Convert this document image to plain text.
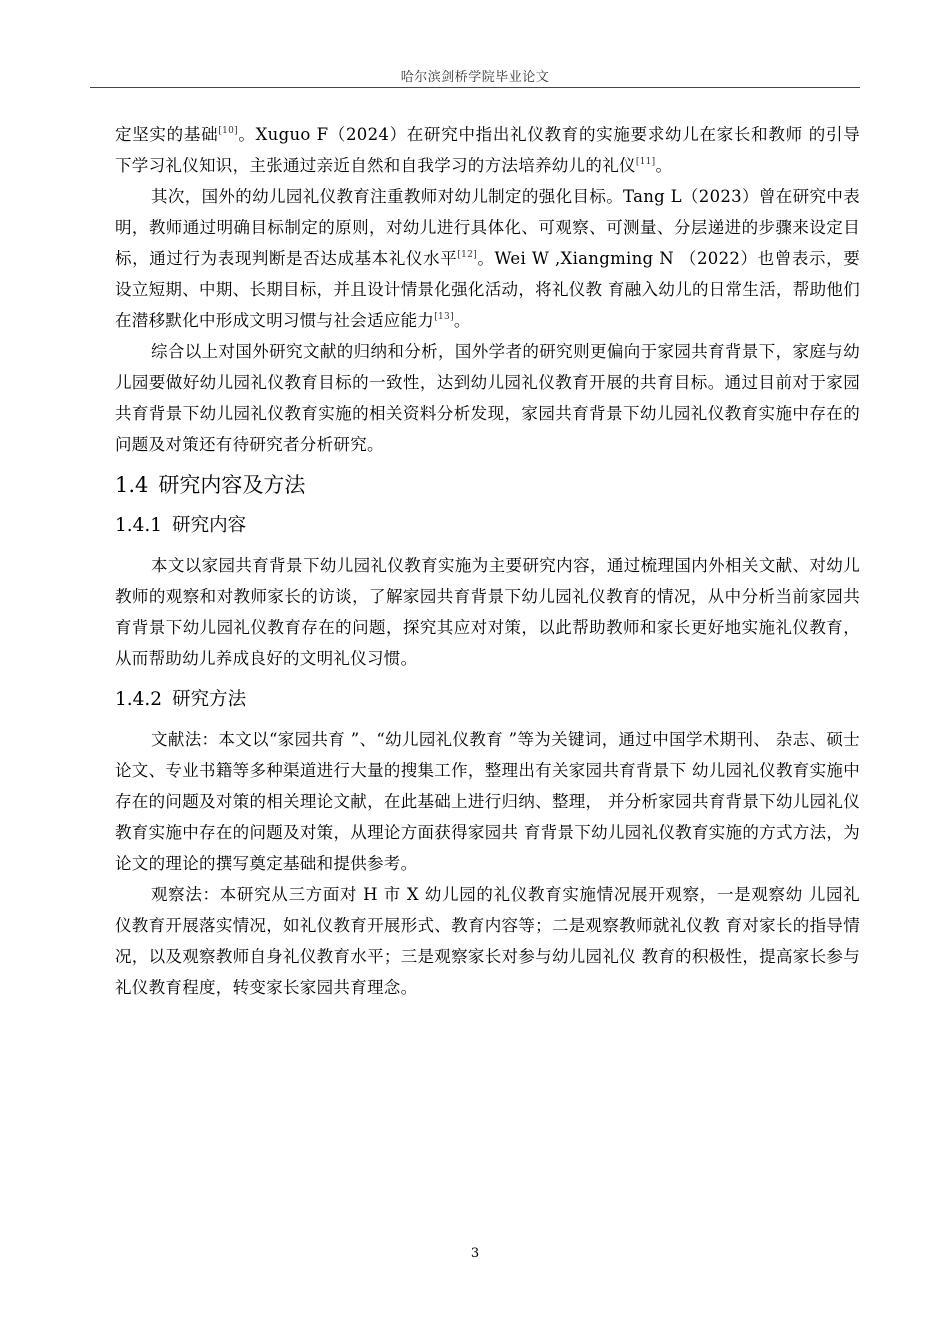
哈尔滨剑桥学院毕业论文

定坚实的基础[10]。Xuguo F（2024）在研究中指出礼仪教育的实施要求幼儿在家长和教师 的引导下学习礼仪知识，主张通过亲近自然和自我学习的方法培养幼儿的礼仪[11]。

其次，国外的幼儿园礼仪教育注重教师对幼儿制定的强化目标。Tang L（2023）曾在研究中表明，教师通过明确目标制定的原则，对幼儿进行具体化、可观察、可测量、分层递进的步骤来设定目标，通过行为表现判断是否达成基本礼仪水平[12]。Wei W ,Xiangming N （2022）也曾表示，要设立短期、中期、长期目标，并且设计情景化强化活动，将礼仪教 育融入幼儿的日常生活，帮助他们在潜移默化中形成文明习惯与社会适应能力[13]。

综合以上对国外研究文献的归纳和分析，国外学者的研究则更偏向于家园共育背景下，家庭与幼儿园要做好幼儿园礼仪教育目标的一致性，达到幼儿园礼仪教育开展的共育目标。通过目前对于家园共育背景下幼儿园礼仪教育实施的相关资料分析发现，家园共育背景下幼儿园礼仪教育实施中存在的问题及对策还有待研究者分析研究。

1.4 研究内容及方法
1.4.1 研究内容

本文以家园共育背景下幼儿园礼仪教育实施为主要研究内容，通过梳理国内外相关文献、对幼儿教师的观察和对教师家长的访谈，了解家园共育背景下幼儿园礼仪教育的情况，从中分析当前家园共育背景下幼儿园礼仪教育存在的问题，探究其应对对策，以此帮助教师和家长更好地实施礼仪教育，从而帮助幼儿养成良好的文明礼仪习惯。

1.4.2 研究方法

文献法：本文以“家园共育 ”、“幼儿园礼仪教育 ”等为关键词，通过中国学术期刊、 杂志、硕士论文、专业书籍等多种渠道进行大量的搜集工作，整理出有关家园共育背景下 幼儿园礼仪教育实施中存在的问题及对策的相关理论文献，在此基础上进行归纳、整理， 并分析家园共育背景下幼儿园礼仪教育实施中存在的问题及对策，从理论方面获得家园共 育背景下幼儿园礼仪教育实施的方式方法，为论文的理论的撰写奠定基础和提供参考。

观察法：本研究从三方面对 H 市 X 幼儿园的礼仪教育实施情况展开观察，一是观察幼 儿园礼仪教育开展落实情况，如礼仪教育开展形式、教育内容等；二是观察教师就礼仪教 育对家长的指导情况，以及观察教师自身礼仪教育水平；三是观察家长对参与幼儿园礼仪 教育的积极性，提高家长参与礼仪教育程度，转变家长家园共育理念。

3
